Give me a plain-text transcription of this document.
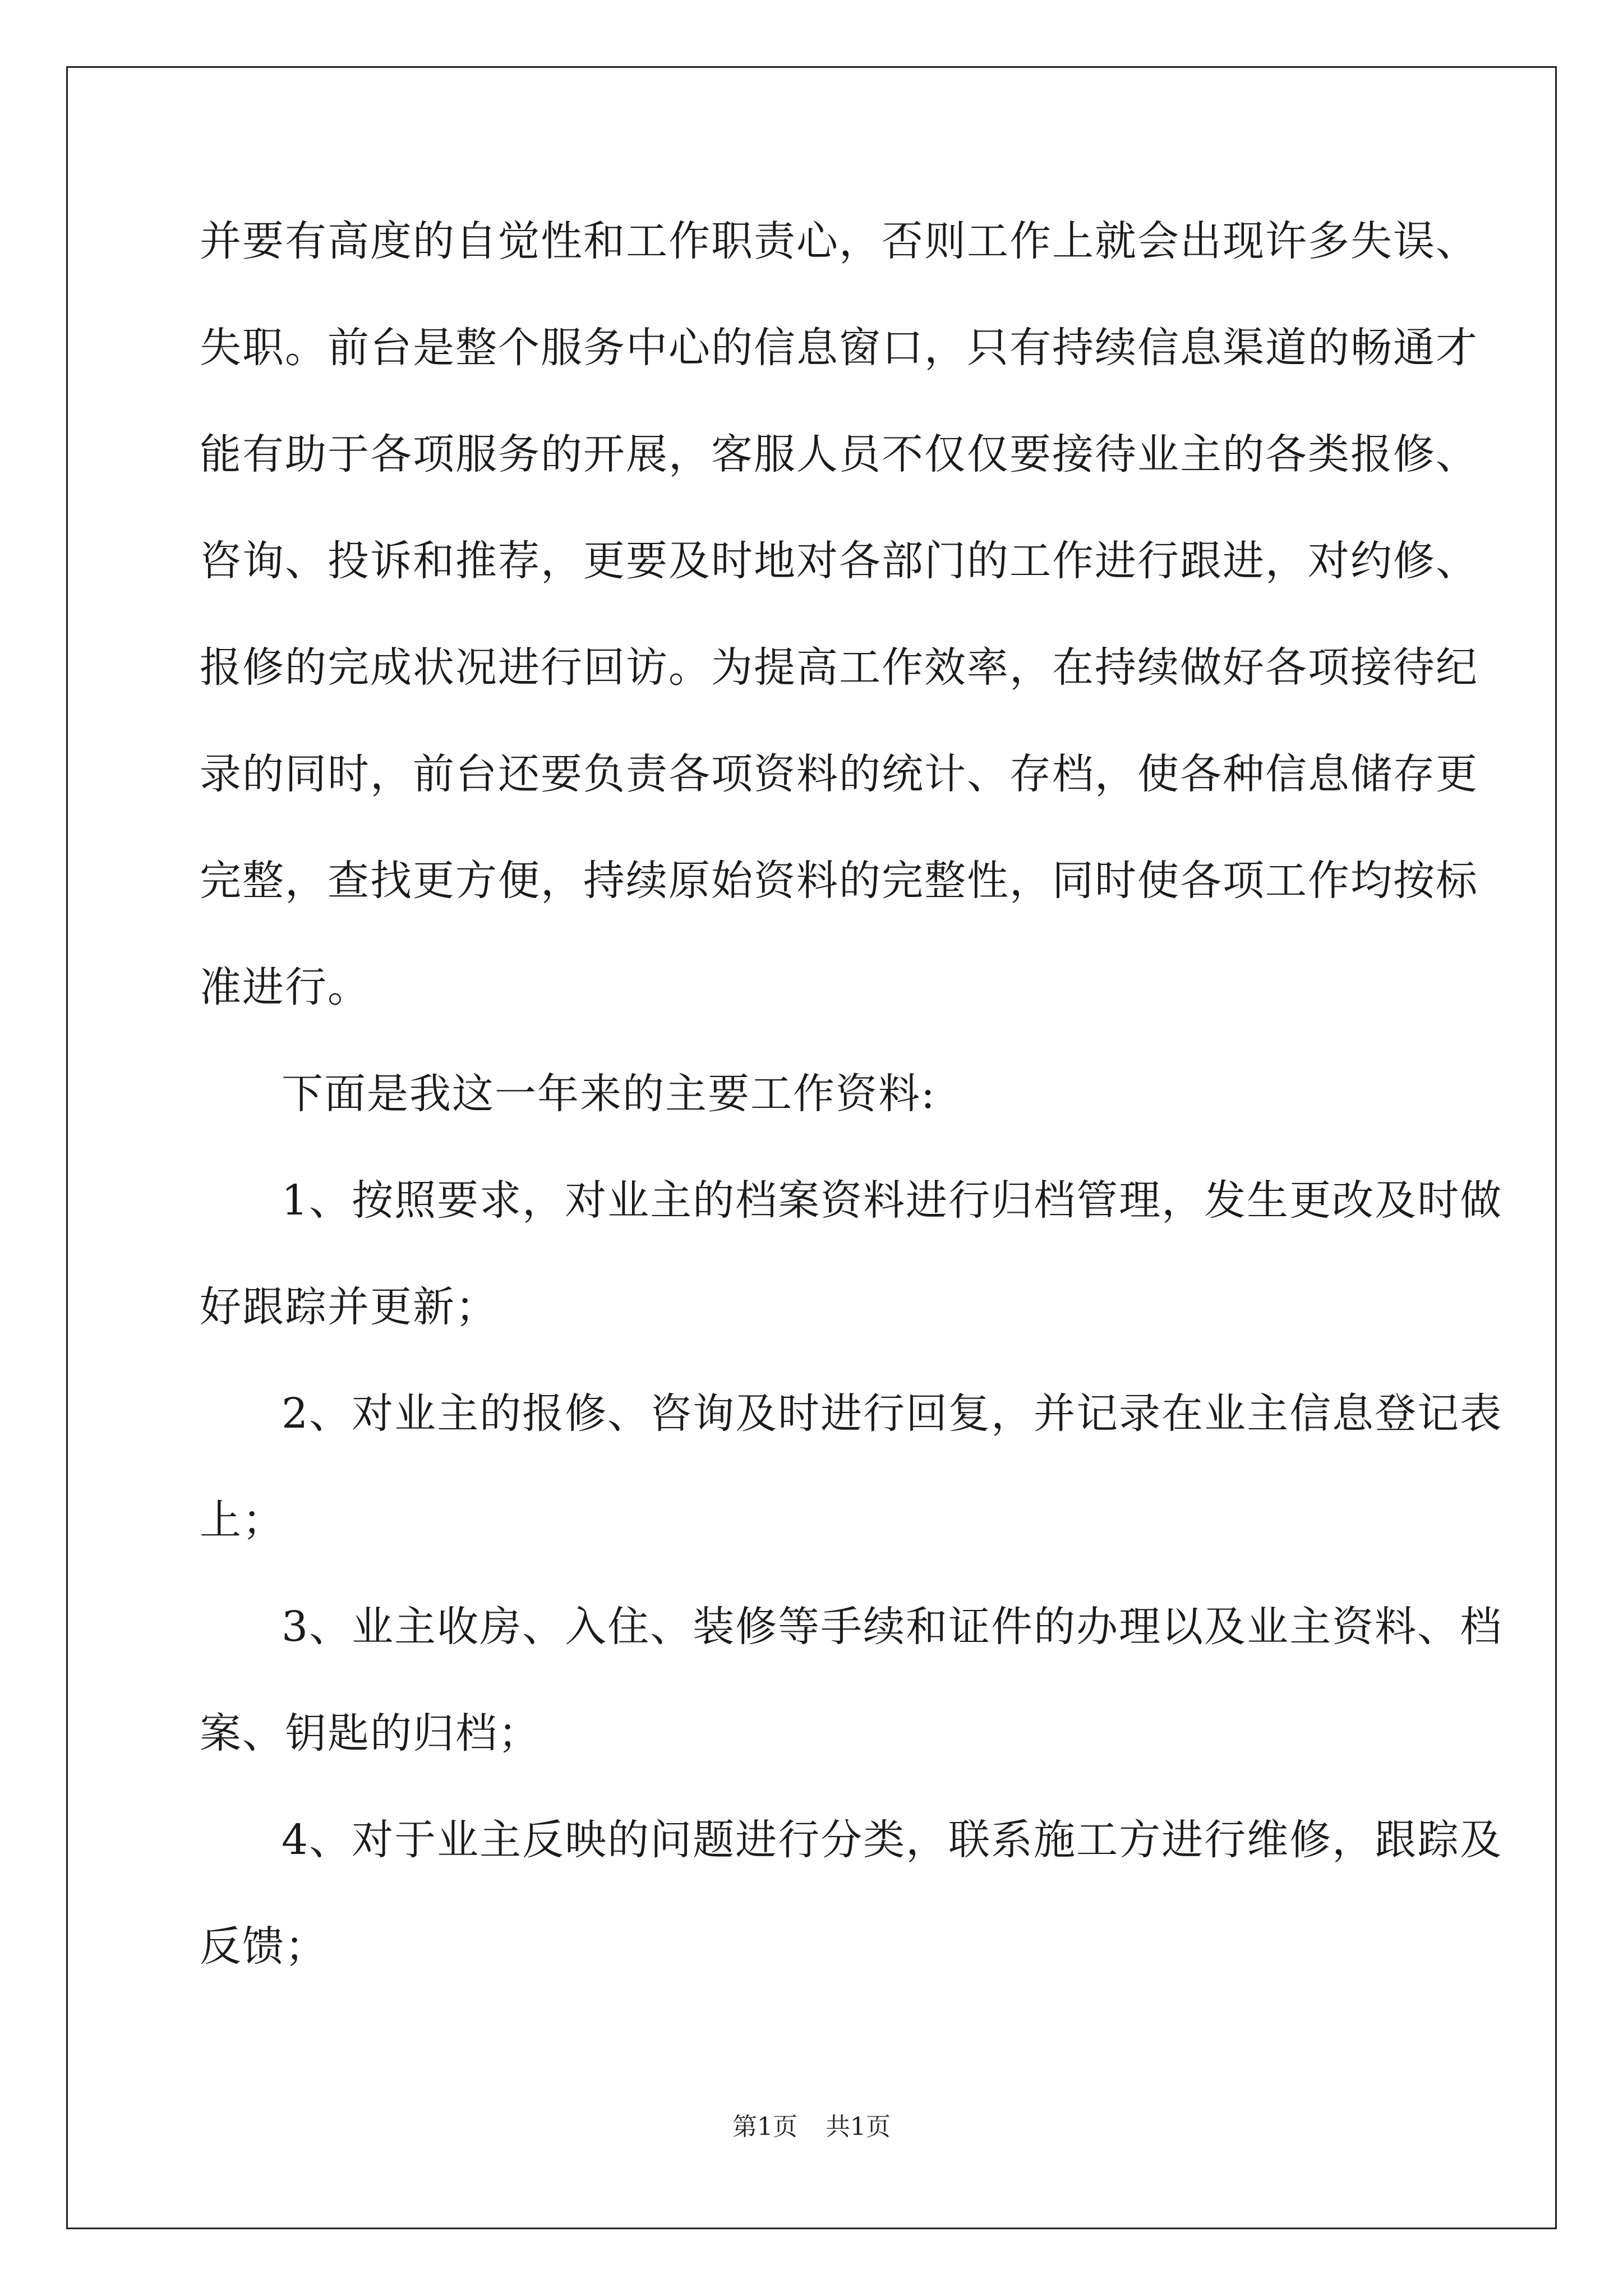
并要有高度的自觉性和工作职责心，否则工作上就会出现许多失误、
失职。前台是整个服务中心的信息窗口，只有持续信息渠道的畅通才
能有助于各项服务的开展，客服人员不仅仅要接待业主的各类报修、
咨询、投诉和推荐，更要及时地对各部门的工作进行跟进，对约修、
报修的完成状况进行回访。为提高工作效率，在持续做好各项接待纪
录的同时，前台还要负责各项资料的统计、存档，使各种信息储存更
完整，查找更方便，持续原始资料的完整性，同时使各项工作均按标
准进行。
下面是我这一年来的主要工作资料:
1、按照要求，对业主的档案资料进行归档管理，发生更改及时做
好跟踪并更新；
2、对业主的报修、咨询及时进行回复，并记录在业主信息登记表
上；
3、业主收房、入住、装修等手续和证件的办理以及业主资料、档
案、钥匙的归档；
4、对于业主反映的问题进行分类，联系施工方进行维修，跟踪及
反馈；
第1页 共1页
